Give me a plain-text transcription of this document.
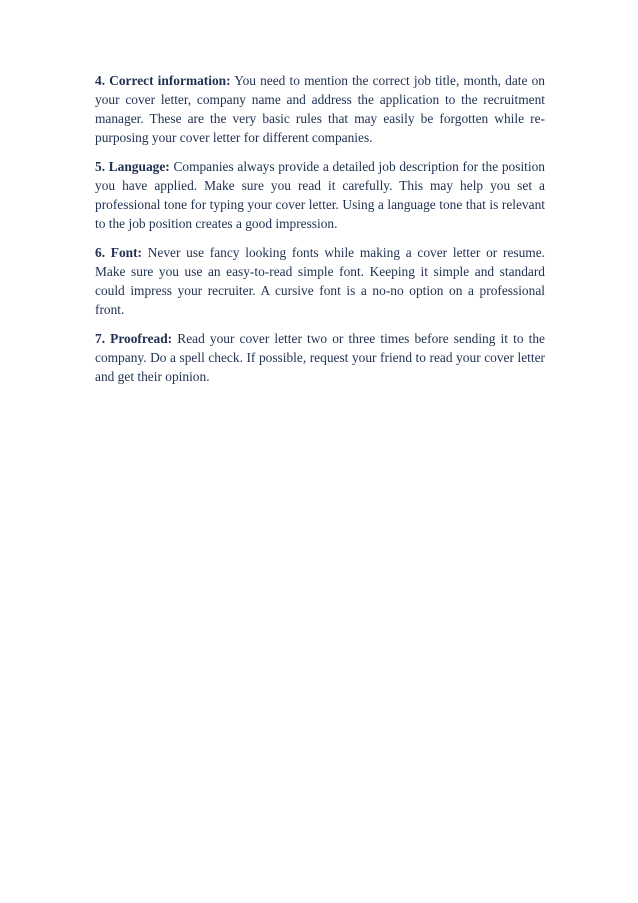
4. Correct information: You need to mention the correct job title, month, date on your cover letter, company name and address the application to the recruitment manager. These are the very basic rules that may easily be forgotten while re-purposing your cover letter for different companies.

5. Language: Companies always provide a detailed job description for the position you have applied. Make sure you read it carefully. This may help you set a professional tone for typing your cover letter. Using a language tone that is relevant to the job position creates a good impression.

6. Font: Never use fancy looking fonts while making a cover letter or resume. Make sure you use an easy-to-read simple font. Keeping it simple and standard could impress your recruiter. A cursive font is a no-no option on a professional front.

7. Proofread: Read your cover letter two or three times before sending it to the company. Do a spell check. If possible, request your friend to read your cover letter and get their opinion.
